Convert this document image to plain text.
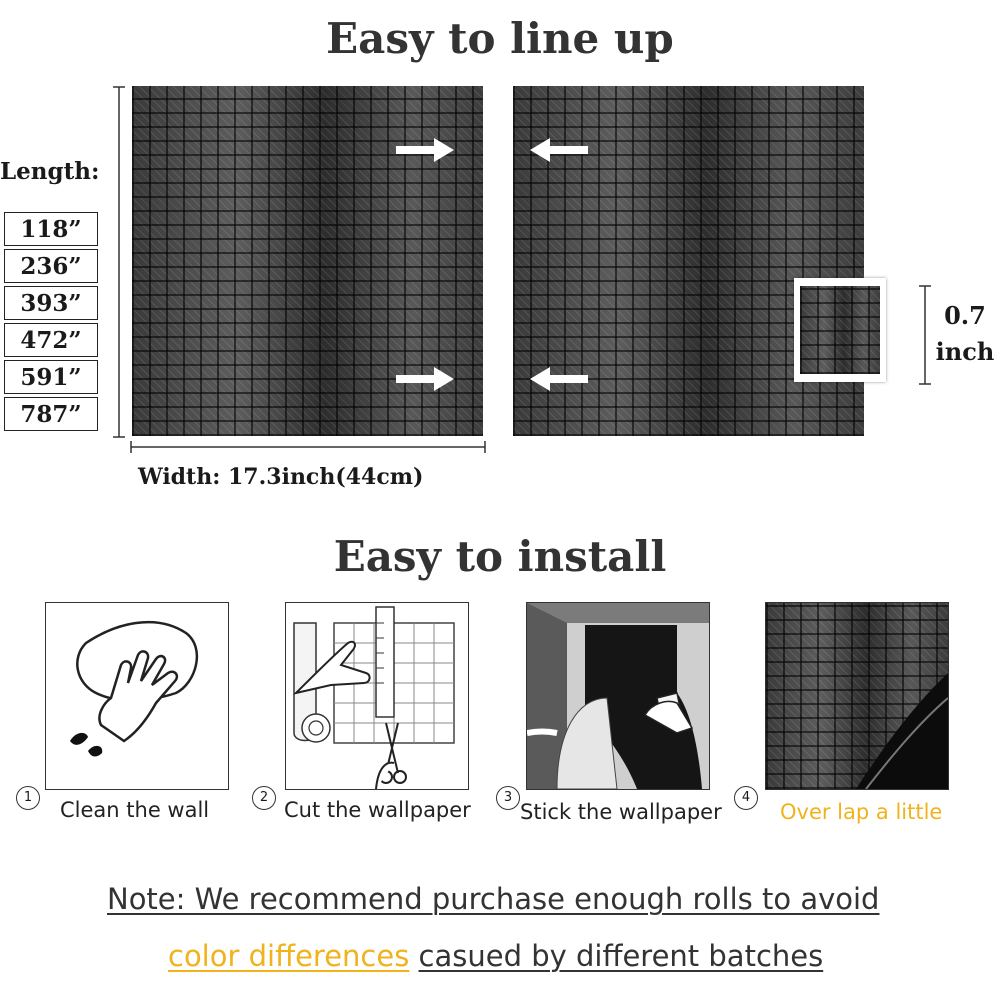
Easy to line up
Length:
118”
236”
393”
472”
591”
787”
Width: 17.3inch(44cm)
0.7
inch
Easy to install
1
Clean the wall
2
Cut the wallpaper
3
Stick the wallpaper
4
Over lap a little
Note: We recommend purchase enough rolls to avoid
color differences casued by different batches
